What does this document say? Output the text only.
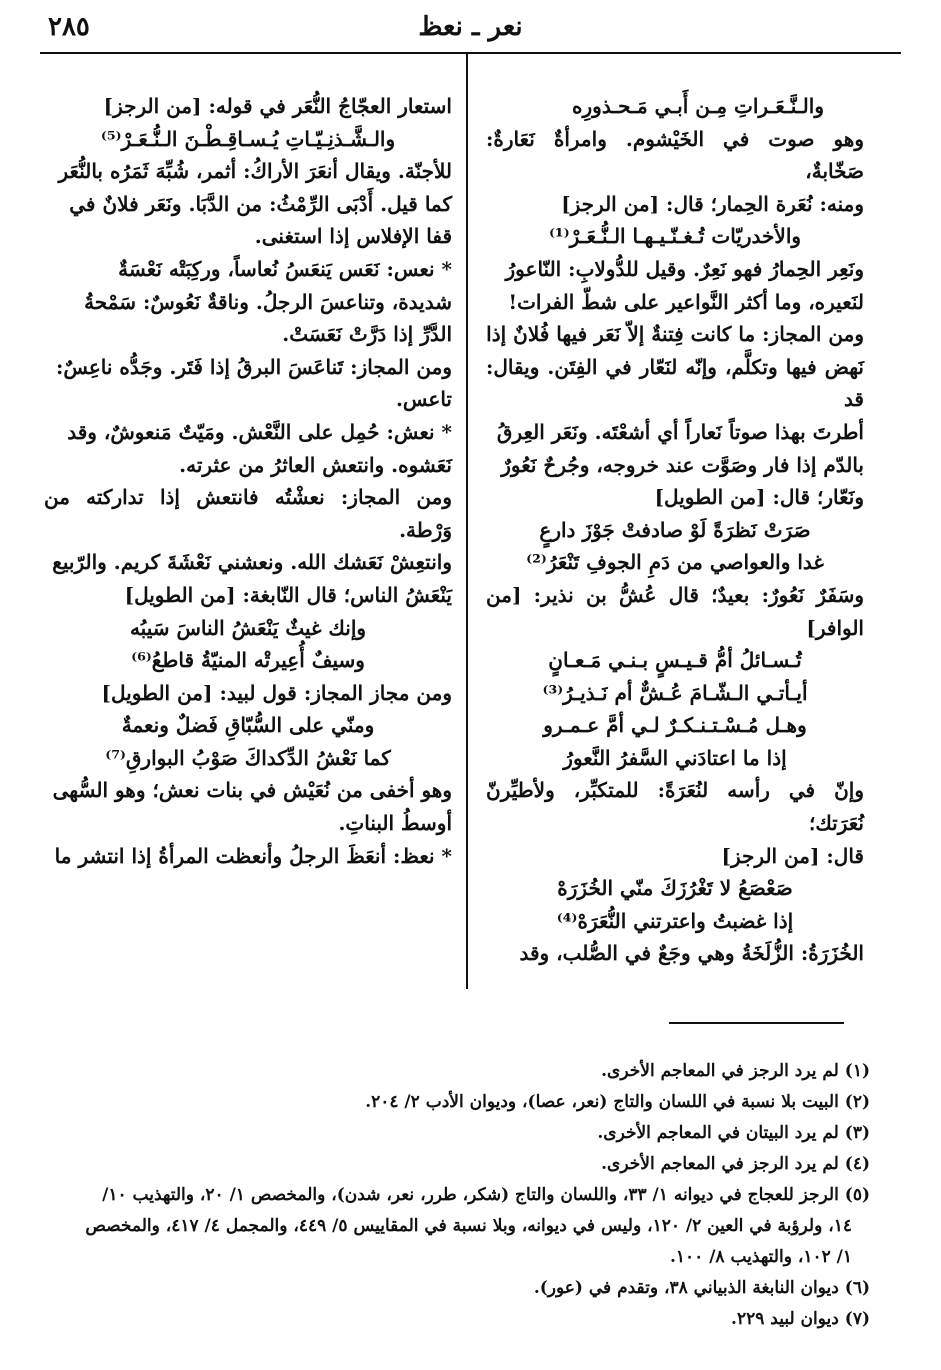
٢٨٥	نعر ـ نعظ

والـنَّـعَـراتِ مِـن أَبـي مَـحـذورِه

وهو صوت في الخَيْشوم. وامرأةٌ نَعَارةٌ: صَخّابةٌ،

ومنه: نُعَرة الحِمار؛ قال: [من الرجز]

والأخدريّات تُـغـنّـيـهـا الـنُّـعَـرْ⁽¹⁾

ونَعِر الحِمارُ فهو نَعِرٌ. وقيل للدُّولابِ: النّاعورُ

لنَعيره، وما أكثر النَّواعير على شطّ الفرات!

ومن المجاز: ما كانت فِتنةٌ إلاّ نَعَر فيها فُلانٌ إذا

نَهض فيها وتكلَّم، وإنّه لنَعّار في الفِتَن. ويقال: قد

أطرتَ بهذا صوتاً نَعاراً أي أشعْتَه. ونَعَر العِرقُ

بالدّم إذا فار وصَوَّت عند خروجه، وجُرحٌ نَعُورٌ

ونَعّار؛ قال: [من الطويل]

صَرَتْ نَظرَةً لَوْ صادفتْ جَوْزَ دارعٍ

غدا والعواصي من دَمِ الجوفِ تَنْعَرُ⁽²⁾

وسَفَرٌ نَعُورٌ: بعيدٌ؛ قال عُشُّ بن نذير: [من الوافر]

تُـسـائلُ أمُّ قـيـسٍ بـنـي مَـعـانٍ

أيـأتـي الـشّـامَ عُـشٌّ أم نَـذيـرُ⁽³⁾

وهـل مُـسْـتـنـكـرٌ لـي أمَّ عـمـرو

إذا ما اعتادَني السَّفرُ النَّعورُ

وإنّ في رأسه لنُعَرَةً: للمتكبِّر، ولأطيِّرنّ نُعَرَتك؛

قال: [من الرجز]

صَعْصَعُ لا تَغْرُزَكَ منّي الخُزَرَهْ

إذا غضبتُ واعترتني النُّعَرَهْ⁽⁴⁾

الخُزَرَةُ: الزُّلَخَةُ وهي وجَعٌ في الصُّلب، وقد

استعار العجّاجُ النُّعَر في قوله: [من الرجز]

والـشَّـذنِـيّـاتِ يُـسـاقِـطْـنَ الـنُّـعَـرْ⁽⁵⁾

للأجنّة. ويقال أنعَرَ الأراكُ: أثمر، شُبِّهَ ثَمَرُه بالنُّعَر

كما قيل. أَدْبَى الرِّمْثُ: من الدَّبَا. ونَعَر فلانٌ في

قفا الإفلاس إذا استغنى.

* نعس: نَعَس يَنعَسُ نُعاساً، وركِبَتْه نَعْسَةٌ

شديدة، وتناعسَ الرجلُ. وناقةٌ نَعُوسٌ: سَمْحةُ

الدَّرِّ إذا دَرَّتْ نَعَسَتْ.

ومن المجاز: تَناعَسَ البرقُ إذا فَتَر. وجَدُّه ناعِسٌ:

تاعس.

* نعش: حُمِل على النَّعْش. ومَيّتٌ مَنعوشٌ، وقد

نَعَشوه. وانتعش العاثرُ من عثرته.

ومن المجاز: نعشْتُه فانتعش إذا تداركته من وَرْطة.

وانتعِشْ نَعَشك الله. ونعشني نَعْشَةَ كريم. والرّبيع

يَنْعَشُ الناس؛ قال النّابغة: [من الطويل]

وإنك غيثٌ يَنْعَشُ الناسَ سَيبُه

وسيفٌ أُعِيرتْه المنيّةُ قاطعُ⁽⁶⁾

ومن مجاز المجاز: قول لبيد: [من الطويل]

ومنّي على السُّبّاقِ فَضلٌ ونعمةٌ

كما نَعْشُ الدِّكداكَ صَوْبُ البوارقِ⁽⁷⁾

وهو أخفى من نُعَيْش في بنات نعش؛ وهو السُّهى

أوسطُ البناتِ.

* نعظ: أنعَظَ الرجلُ وأنعظت المرأةُ إذا انتشر ما

(١) لم يرد الرجز في المعاجم الأخرى.

(٢) البيت بلا نسبة في اللسان والتاج (نعر، عصا)، وديوان الأدب ٢/ ٢٠٤.

(٣) لم يرد البيتان في المعاجم الأخرى.

(٤) لم يرد الرجز في المعاجم الأخرى.

(٥) الرجز للعجاج في ديوانه ١/ ٣٣، واللسان والتاج (شكر، طرر، نعر، شدن)، والمخصص ١/ ٢٠، والتهذيب ١٠/

١٤، ولرؤبة في العين ٢/ ١٢٠، وليس في ديوانه، وبلا نسبة في المقاييس ٥/ ٤٤٩، والمجمل ٤/ ٤١٧، والمخصص

١/ ١٠٢، والتهذيب ٨/ ١٠٠.

(٦) ديوان النابغة الذبياني ٣٨، وتقدم في (عور).

(٧) ديوان لبيد ٢٢٩.
